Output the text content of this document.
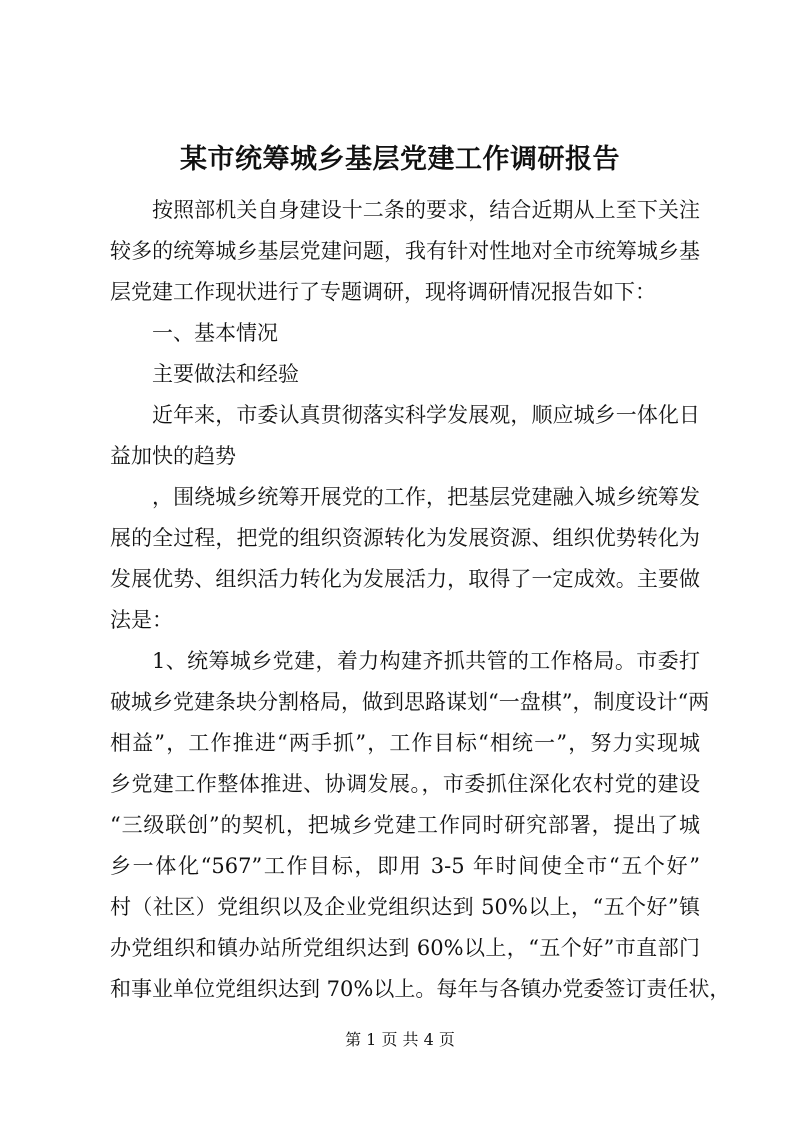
某市统筹城乡基层党建工作调研报告
按照部机关自身建设十二条的要求，结合近期从上至下关注
较多的统筹城乡基层党建问题，我有针对性地对全市统筹城乡基
层党建工作现状进行了专题调研，现将调研情况报告如下：
一、基本情况
主要做法和经验
近年来，市委认真贯彻落实科学发展观，顺应城乡一体化日
益加快的趋势
，围绕城乡统筹开展党的工作，把基层党建融入城乡统筹发
展的全过程，把党的组织资源转化为发展资源、组织优势转化为
发展优势、组织活力转化为发展活力，取得了一定成效。主要做
法是：
1、统筹城乡党建，着力构建齐抓共管的工作格局。市委打
破城乡党建条块分割格局，做到思路谋划“一盘棋”，制度设计“两
相益”，工作推进“两手抓”，工作目标“相统一”，努力实现城
乡党建工作整体推进、协调发展。，市委抓住深化农村党的建设
“三级联创”的契机，把城乡党建工作同时研究部署，提出了城
乡一体化“567”工作目标，即用 3-5 年时间使全市“五个好”
村（社区）党组织以及企业党组织达到 50%以上，“五个好”镇
办党组织和镇办站所党组织达到 60%以上，“五个好”市直部门
和事业单位党组织达到 70%以上。每年与各镇办党委签订责任状，
第 1 页 共 4 页
